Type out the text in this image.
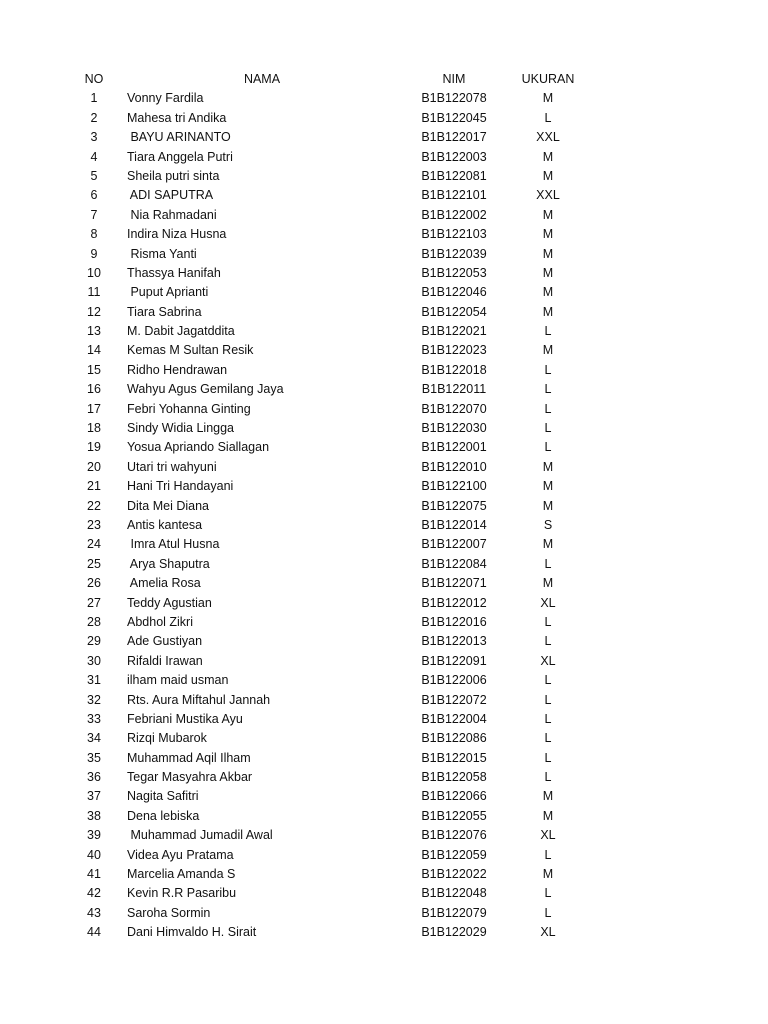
NO	NAMA	NIM	UKURAN
1	Vonny Fardila	B1B122078	M
2	Mahesa tri Andika	B1B122045	L
3	BAYU ARINANTO	B1B122017	XXL
4	Tiara Anggela Putri	B1B122003	M
5	Sheila putri sinta	B1B122081	M
6	ADI SAPUTRA	B1B122101	XXL
7	Nia Rahmadani	B1B122002	M
8	Indira Niza Husna	B1B122103	M
9	Risma Yanti	B1B122039	M
10	Thassya Hanifah	B1B122053	M
11	Puput Aprianti	B1B122046	M
12	Tiara Sabrina	B1B122054	M
13	M. Dabit Jagatddita	B1B122021	L
14	Kemas M Sultan Resik	B1B122023	M
15	Ridho Hendrawan	B1B122018	L
16	Wahyu Agus Gemilang Jaya	B1B122011	L
17	Febri Yohanna Ginting	B1B122070	L
18	Sindy Widia Lingga	B1B122030	L
19	Yosua Apriando Siallagan	B1B122001	L
20	Utari tri wahyuni	B1B122010	M
21	Hani Tri Handayani	B1B122100	M
22	Dita Mei Diana	B1B122075	M
23	Antis kantesa	B1B122014	S
24	Imra Atul Husna	B1B122007	M
25	Arya Shaputra	B1B122084	L
26	Amelia Rosa	B1B122071	M
27	Teddy Agustian	B1B122012	XL
28	Abdhol Zikri	B1B122016	L
29	Ade Gustiyan	B1B122013	L
30	Rifaldi Irawan	B1B122091	XL
31	ilham maid usman	B1B122006	L
32	Rts. Aura Miftahul Jannah	B1B122072	L
33	Febriani Mustika Ayu	B1B122004	L
34	Rizqi Mubarok	B1B122086	L
35	Muhammad Aqil Ilham	B1B122015	L
36	Tegar Masyahra Akbar	B1B122058	L
37	Nagita Safitri	B1B122066	M
38	Dena lebiska	B1B122055	M
39	Muhammad Jumadil Awal	B1B122076	XL
40	Videa Ayu Pratama	B1B122059	L
41	Marcelia Amanda S	B1B122022	M
42	Kevin R.R Pasaribu	B1B122048	L
43	Saroha Sormin	B1B122079	L
44	Dani Himvaldo H. Sirait	B1B122029	XL
